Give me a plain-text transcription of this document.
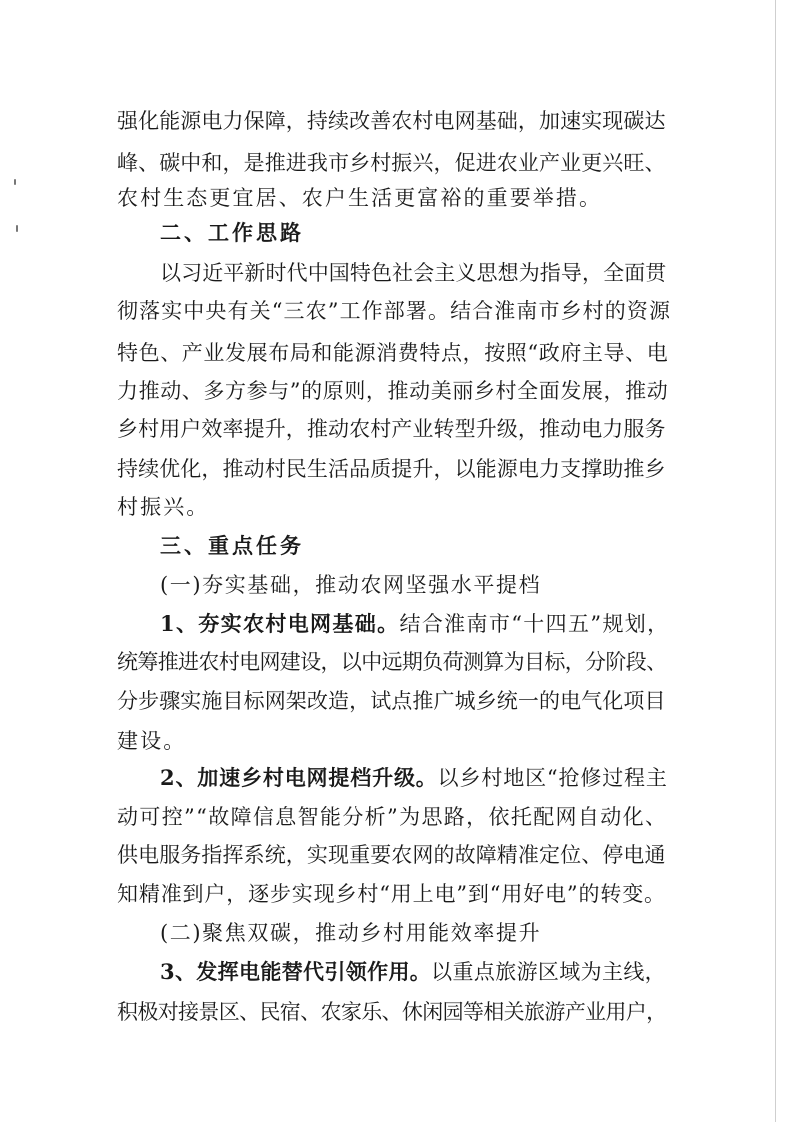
强化能源电力保障，持续改善农村电网基础，加速实现碳达

峰、碳中和，是推进我市乡村振兴，促进农业产业更兴旺、

农村生态更宜居、农户生活更富裕的重要举措。

二、工作思路

以习近平新时代中国特色社会主义思想为指导，全面贯

彻落实中央有关“三农”工作部署。结合淮南市乡村的资源

特色、产业发展布局和能源消费特点，按照“政府主导、电

力推动、多方参与”的原则，推动美丽乡村全面发展，推动

乡村用户效率提升，推动农村产业转型升级，推动电力服务

持续优化，推动村民生活品质提升，以能源电力支撑助推乡

村振兴。

三、重点任务

(一)夯实基础，推动农网坚强水平提档

1、夯实农村电网基础。结合淮南市“十四五”规划，

统筹推进农村电网建设，以中远期负荷测算为目标，分阶段、

分步骤实施目标网架改造，试点推广城乡统一的电气化项目

建设。

2、加速乡村电网提档升级。以乡村地区“抢修过程主

动可控”“故障信息智能分析”为思路，依托配网自动化、

供电服务指挥系统，实现重要农网的故障精准定位、停电通

知精准到户，逐步实现乡村“用上电”到“用好电”的转变。

(二)聚焦双碳，推动乡村用能效率提升

3、发挥电能替代引领作用。以重点旅游区域为主线，

积极对接景区、民宿、农家乐、休闲园等相关旅游产业用户，
